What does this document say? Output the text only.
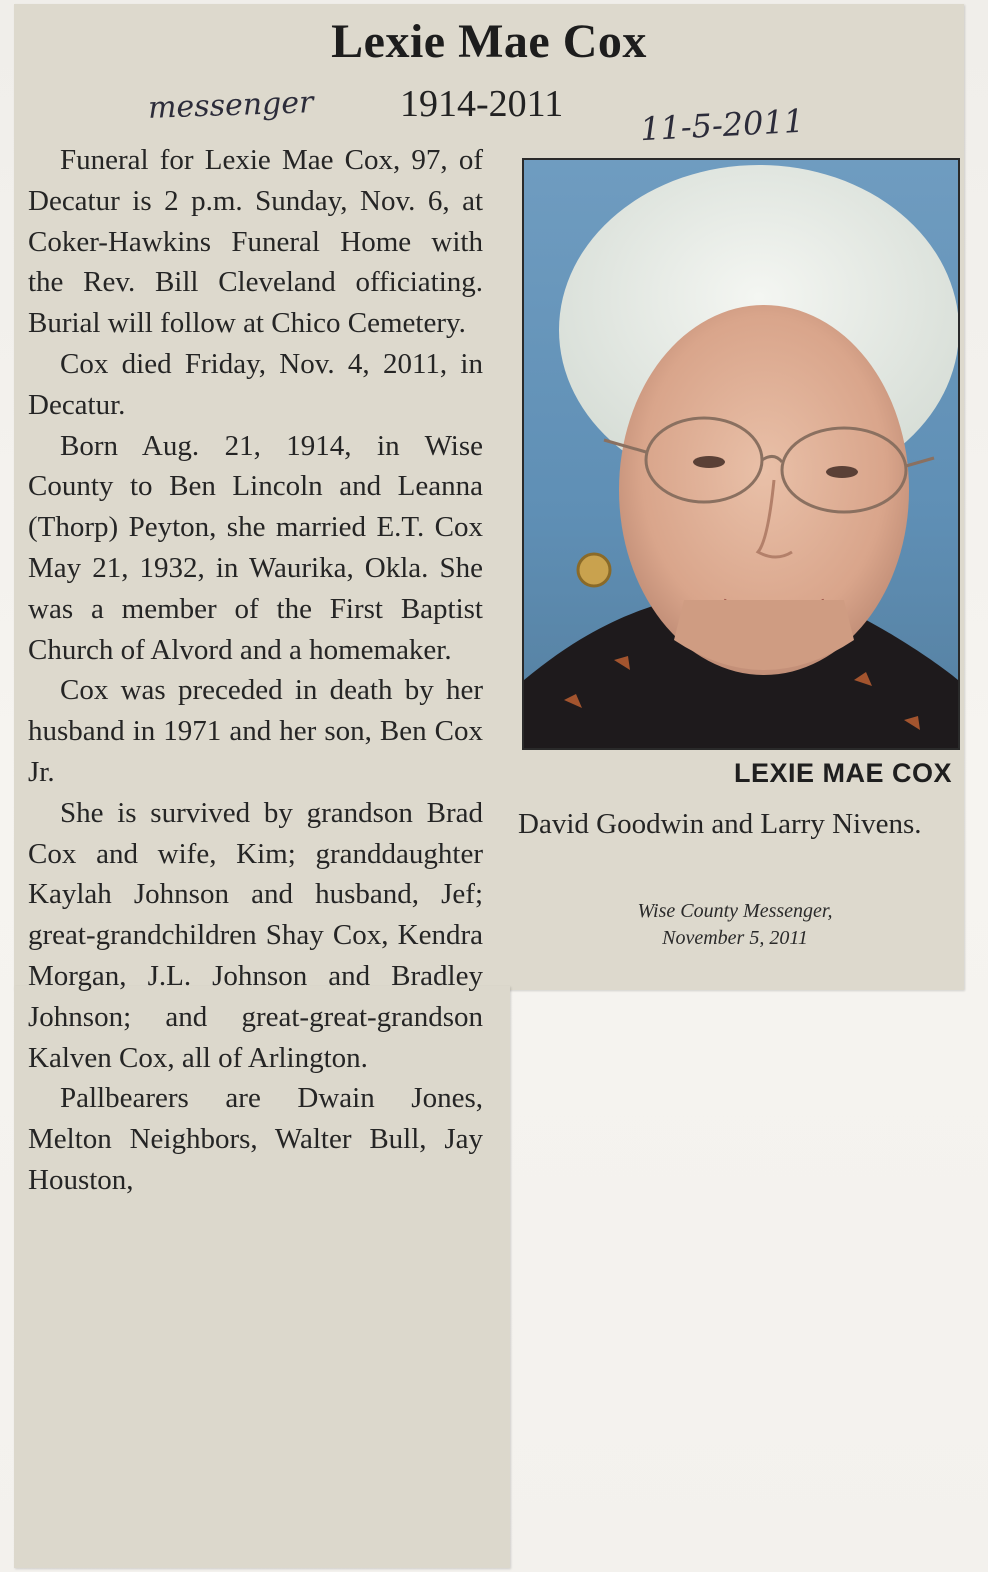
Lexie Mae Cox
messenger 1914-2011 11-5-2011

Funeral for Lexie Mae Cox, 97, of Decatur is 2 p.m. Sunday, Nov. 6, at Coker-Hawkins Funeral Home with the Rev. Bill Cleveland officiating. Burial will follow at Chico Cemetery.

Cox died Friday, Nov. 4, 2011, in Decatur.

Born Aug. 21, 1914, in Wise County to Ben Lincoln and Leanna (Thorp) Peyton, she married E.T. Cox May 21, 1932, in Waurika, Okla. She was a member of the First Baptist Church of Alvord and a homemaker.

Cox was preceded in death by her husband in 1971 and her son, Ben Cox Jr.

She is survived by grandson Brad Cox and wife, Kim; granddaughter Kaylah Johnson and husband, Jef; great-grandchildren Shay Cox, Kendra Morgan, J.L. Johnson and Bradley Johnson; and great-great-grandson Kalven Cox, all of Arlington.

Pallbearers are Dwain Jones, Melton Neighbors, Walter Bull, Jay Houston,

LEXIE MAE COX
David Goodwin and Larry Nivens.
Wise County Messenger,
November 5, 2011
